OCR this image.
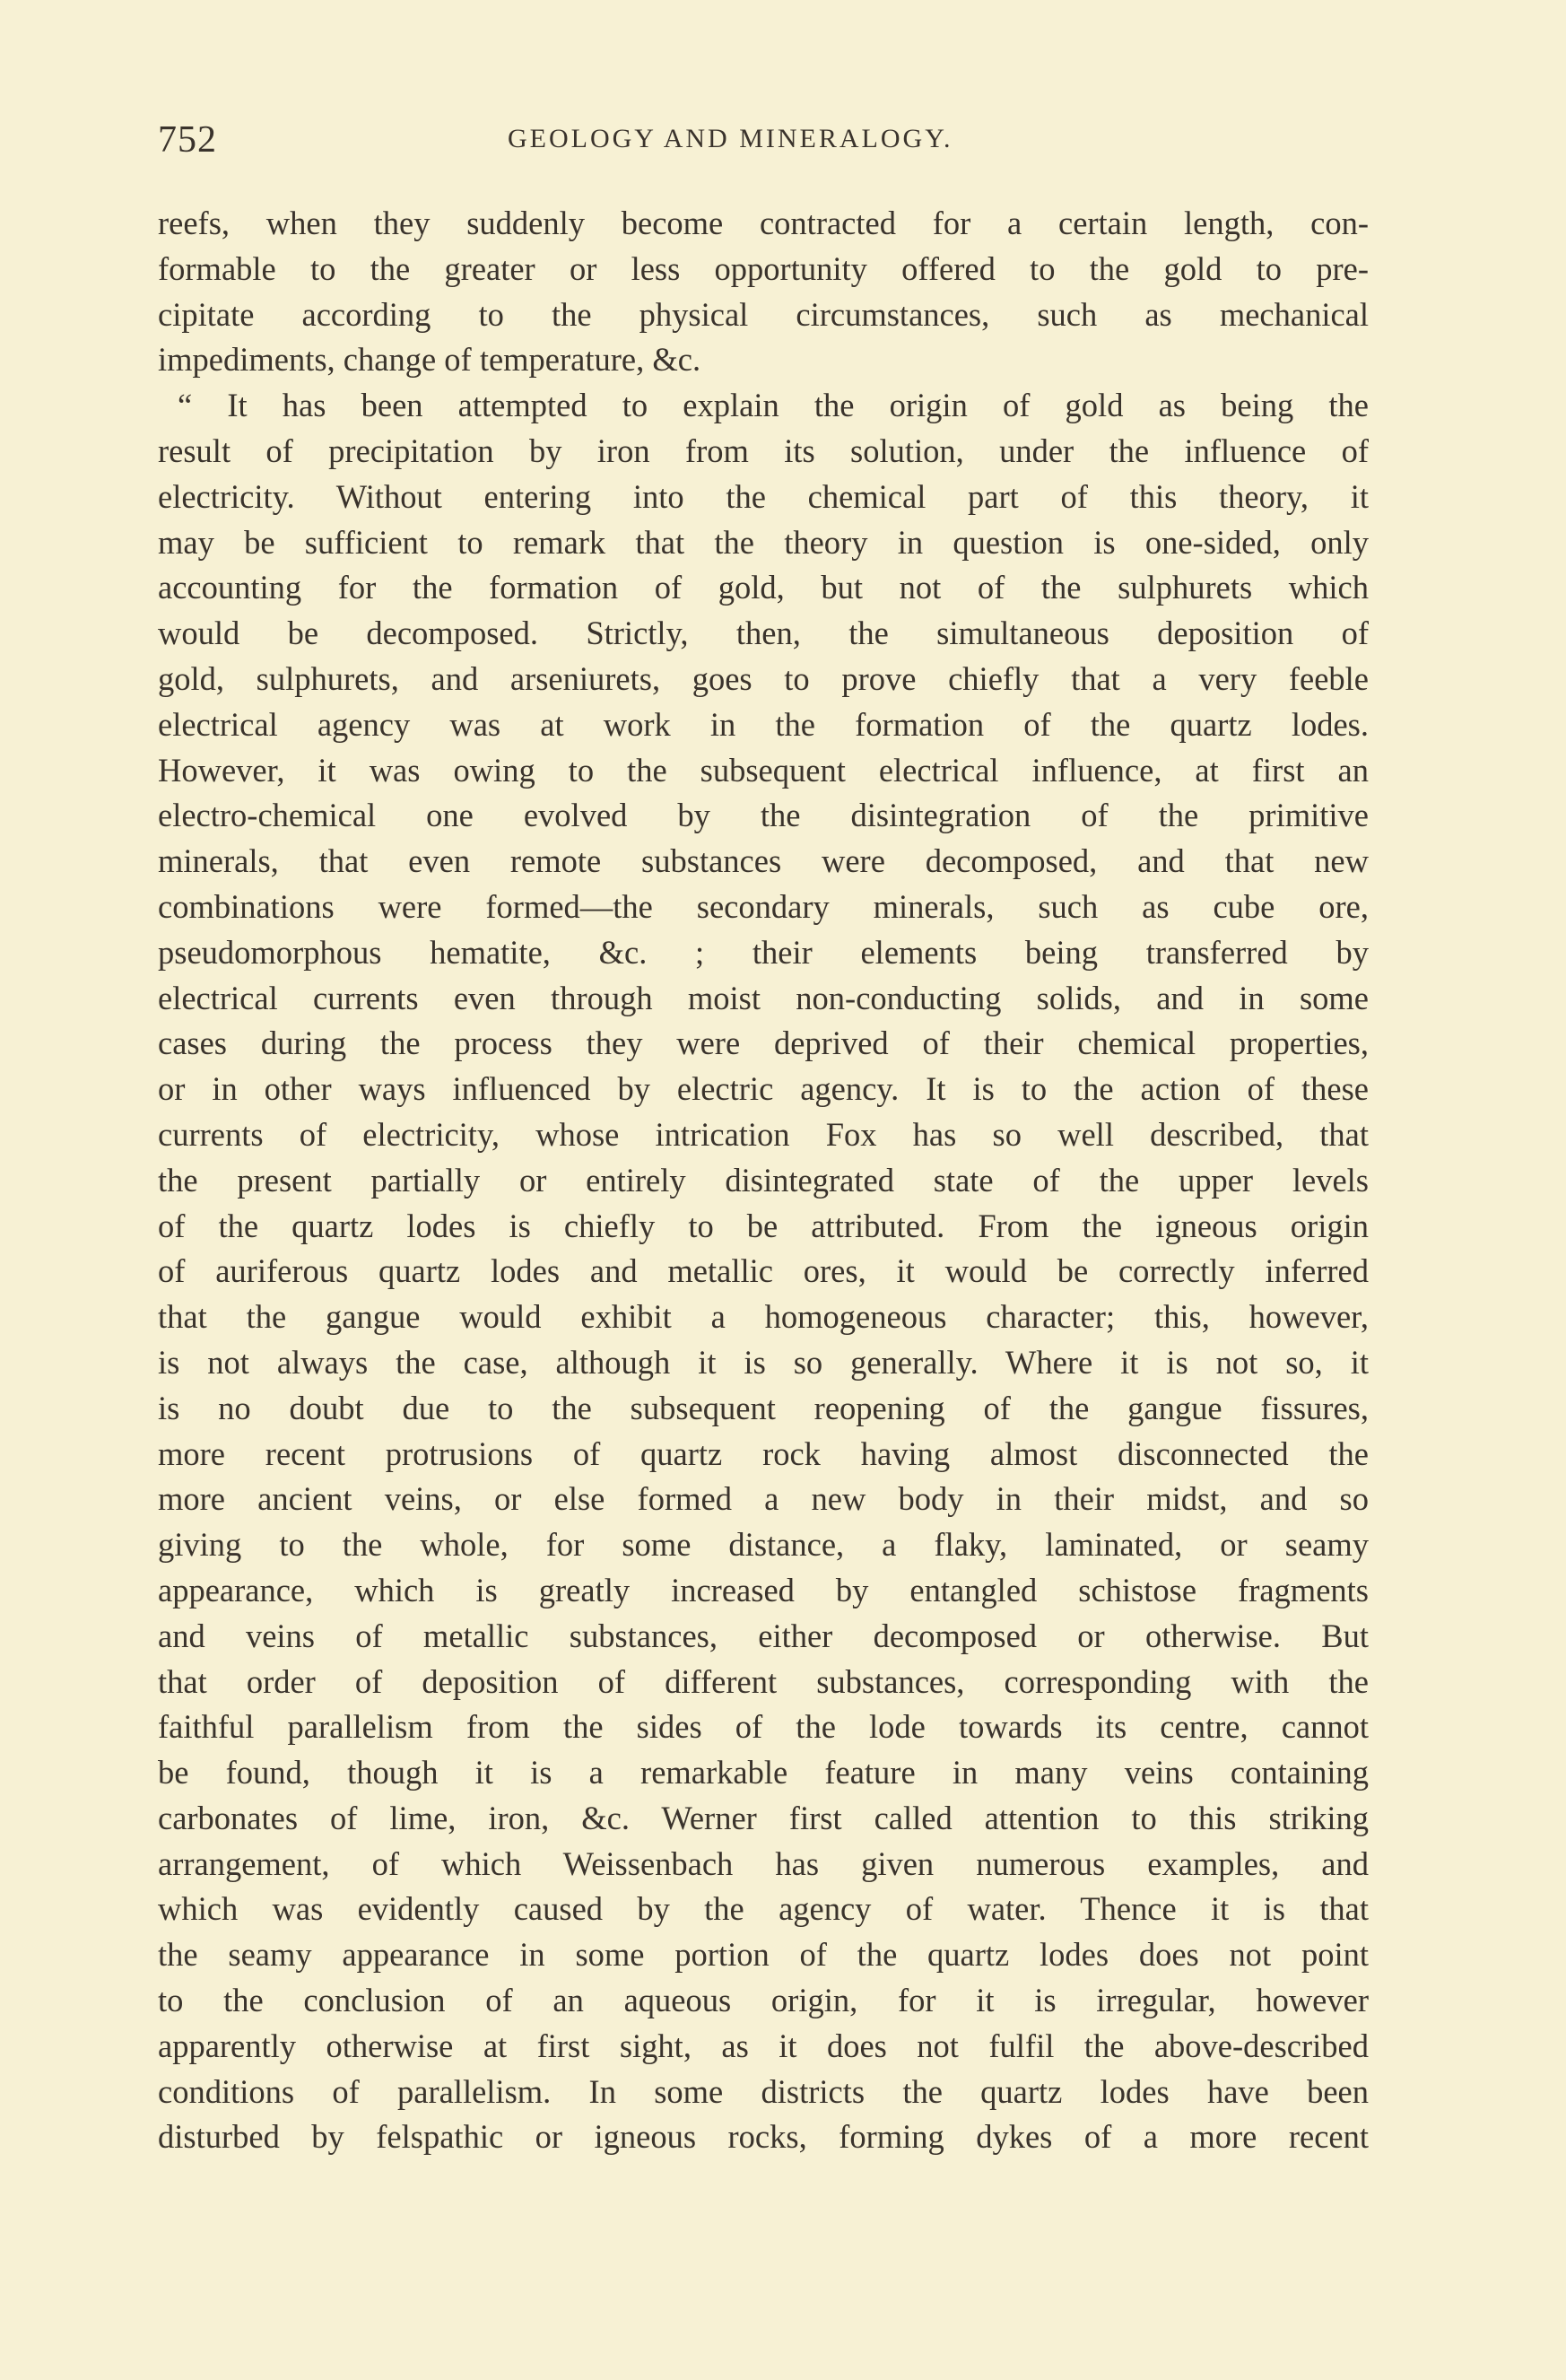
752	GEOLOGY AND MINERALOGY.
reefs, when they suddenly become contracted for a certain length, con-
formable to the greater or less opportunity offered to the gold to pre-
cipitate according to the physical circumstances, such as mechanical
impediments, change of temperature, &c.
“ It has been attempted to explain the origin of gold as being the
result of precipitation by iron from its solution, under the influence of
electricity. Without entering into the chemical part of this theory, it
may be sufficient to remark that the theory in question is one-sided, only
accounting for the formation of gold, but not of the sulphurets which
would be decomposed. Strictly, then, the simultaneous deposition of
gold, sulphurets, and arseniurets, goes to prove chiefly that a very feeble
electrical agency was at work in the formation of the quartz lodes.
However, it was owing to the subsequent electrical influence, at first an
electro-chemical one evolved by the disintegration of the primitive
minerals, that even remote substances were decomposed, and that new
combinations were formed—the secondary minerals, such as cube ore,
pseudomorphous hematite, &c. ; their elements being transferred by
electrical currents even through moist non-conducting solids, and in some
cases during the process they were deprived of their chemical properties,
or in other ways influenced by electric agency. It is to the action of these
currents of electricity, whose intrication Fox has so well described, that
the present partially or entirely disintegrated state of the upper levels
of the quartz lodes is chiefly to be attributed. From the igneous origin
of auriferous quartz lodes and metallic ores, it would be correctly inferred
that the gangue would exhibit a homogeneous character; this, however,
is not always the case, although it is so generally. Where it is not so, it
is no doubt due to the subsequent reopening of the gangue fissures,
more recent protrusions of quartz rock having almost disconnected the
more ancient veins, or else formed a new body in their midst, and so
giving to the whole, for some distance, a flaky, laminated, or seamy
appearance, which is greatly increased by entangled schistose fragments
and veins of metallic substances, either decomposed or otherwise. But
that order of deposition of different substances, corresponding with the
faithful parallelism from the sides of the lode towards its centre, cannot
be found, though it is a remarkable feature in many veins containing
carbonates of lime, iron, &c. Werner first called attention to this striking
arrangement, of which Weissenbach has given numerous examples, and
which was evidently caused by the agency of water. Thence it is that
the seamy appearance in some portion of the quartz lodes does not point
to the conclusion of an aqueous origin, for it is irregular, however
apparently otherwise at first sight, as it does not fulfil the above-described
conditions of parallelism. In some districts the quartz lodes have been
disturbed by felspathic or igneous rocks, forming dykes of a more recent
